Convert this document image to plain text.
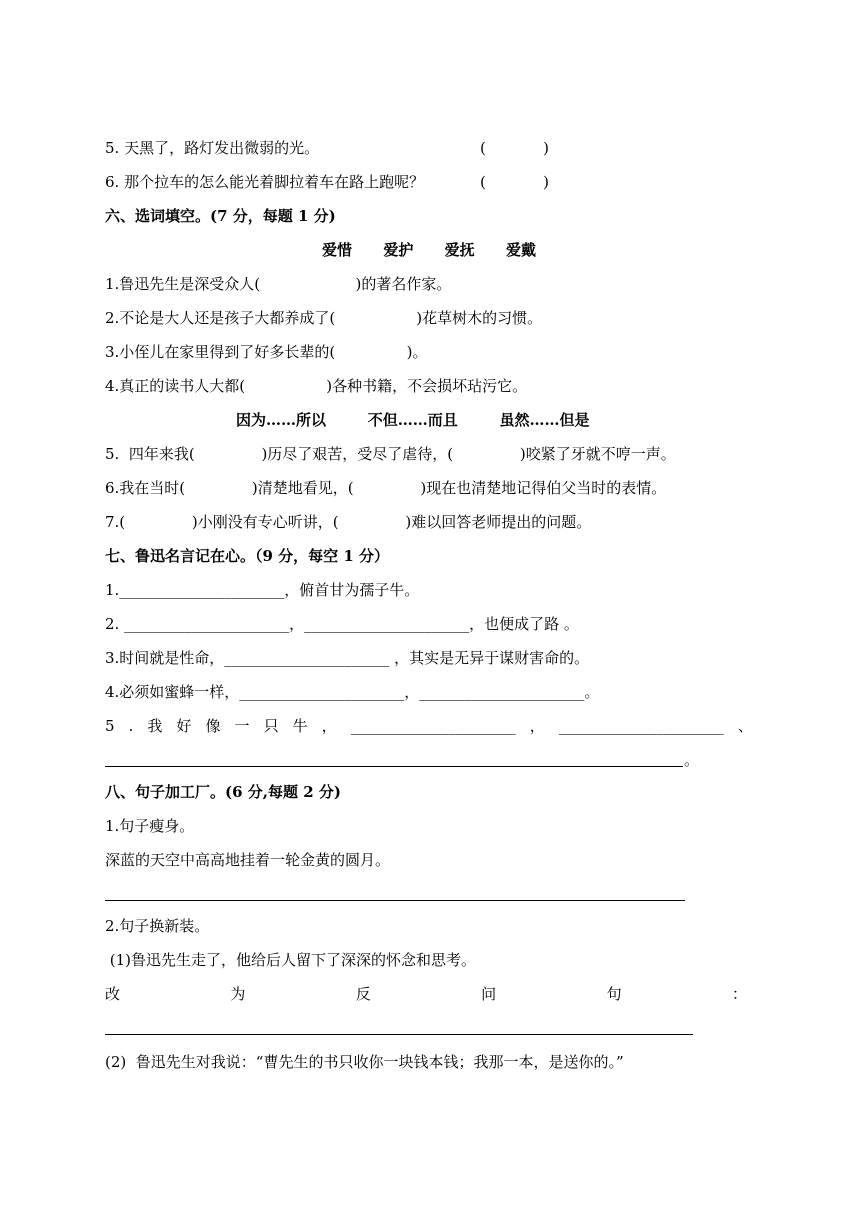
5. 天黑了，路灯发出微弱的光。	(            )
6. 那个拉车的怎么能光着脚拉着车在路上跑呢？	(            )
六、选词填空。(7 分，每题 1 分)
爱惜      爱护      爱抚      爱戴
1.鲁迅先生是深受众人(                    )的著名作家。
2.不论是大人还是孩子大都养成了(                 )花草树木的习惯。
3.小侄儿在家里得到了好多长辈的(               )。
4.真正的读书人大都(                 )各种书籍，不会损坏玷污它。
因为……所以        不但……而且        虽然……但是
5.  四年来我(              )历尽了艰苦，受尽了虐待，(              )咬紧了牙就不哼一声。
6.我在当时(              )清楚地看见，(              )现在也清楚地记得伯父当时的表情。
7.(              )小刚没有专心听讲，(              )难以回答老师提出的问题。
七、鲁迅名言记在心。（9 分，每空 1 分）
1.______________________，俯首甘为孺子牛。
2. ______________________，______________________，也便成了路 。
3.时间就是性命，______________________ ，其实是无异于谋财害命的。
4.必须如蜜蜂一样，______________________，______________________。
5 . 我 好 像 一 只 牛 ， ______________________ ， ______________________ 、
。
八、句子加工厂。(6 分,每题 2 分)
1.句子瘦身。
深蓝的天空中高高地挂着一轮金黄的圆月。
2.句子换新装。
(1)鲁迅先生走了，他给后人留下了深深的怀念和思考。
改	为	反	问	句	：
(2)  鲁迅先生对我说：“曹先生的书只收你一块钱本钱；我那一本，是送你的。”
